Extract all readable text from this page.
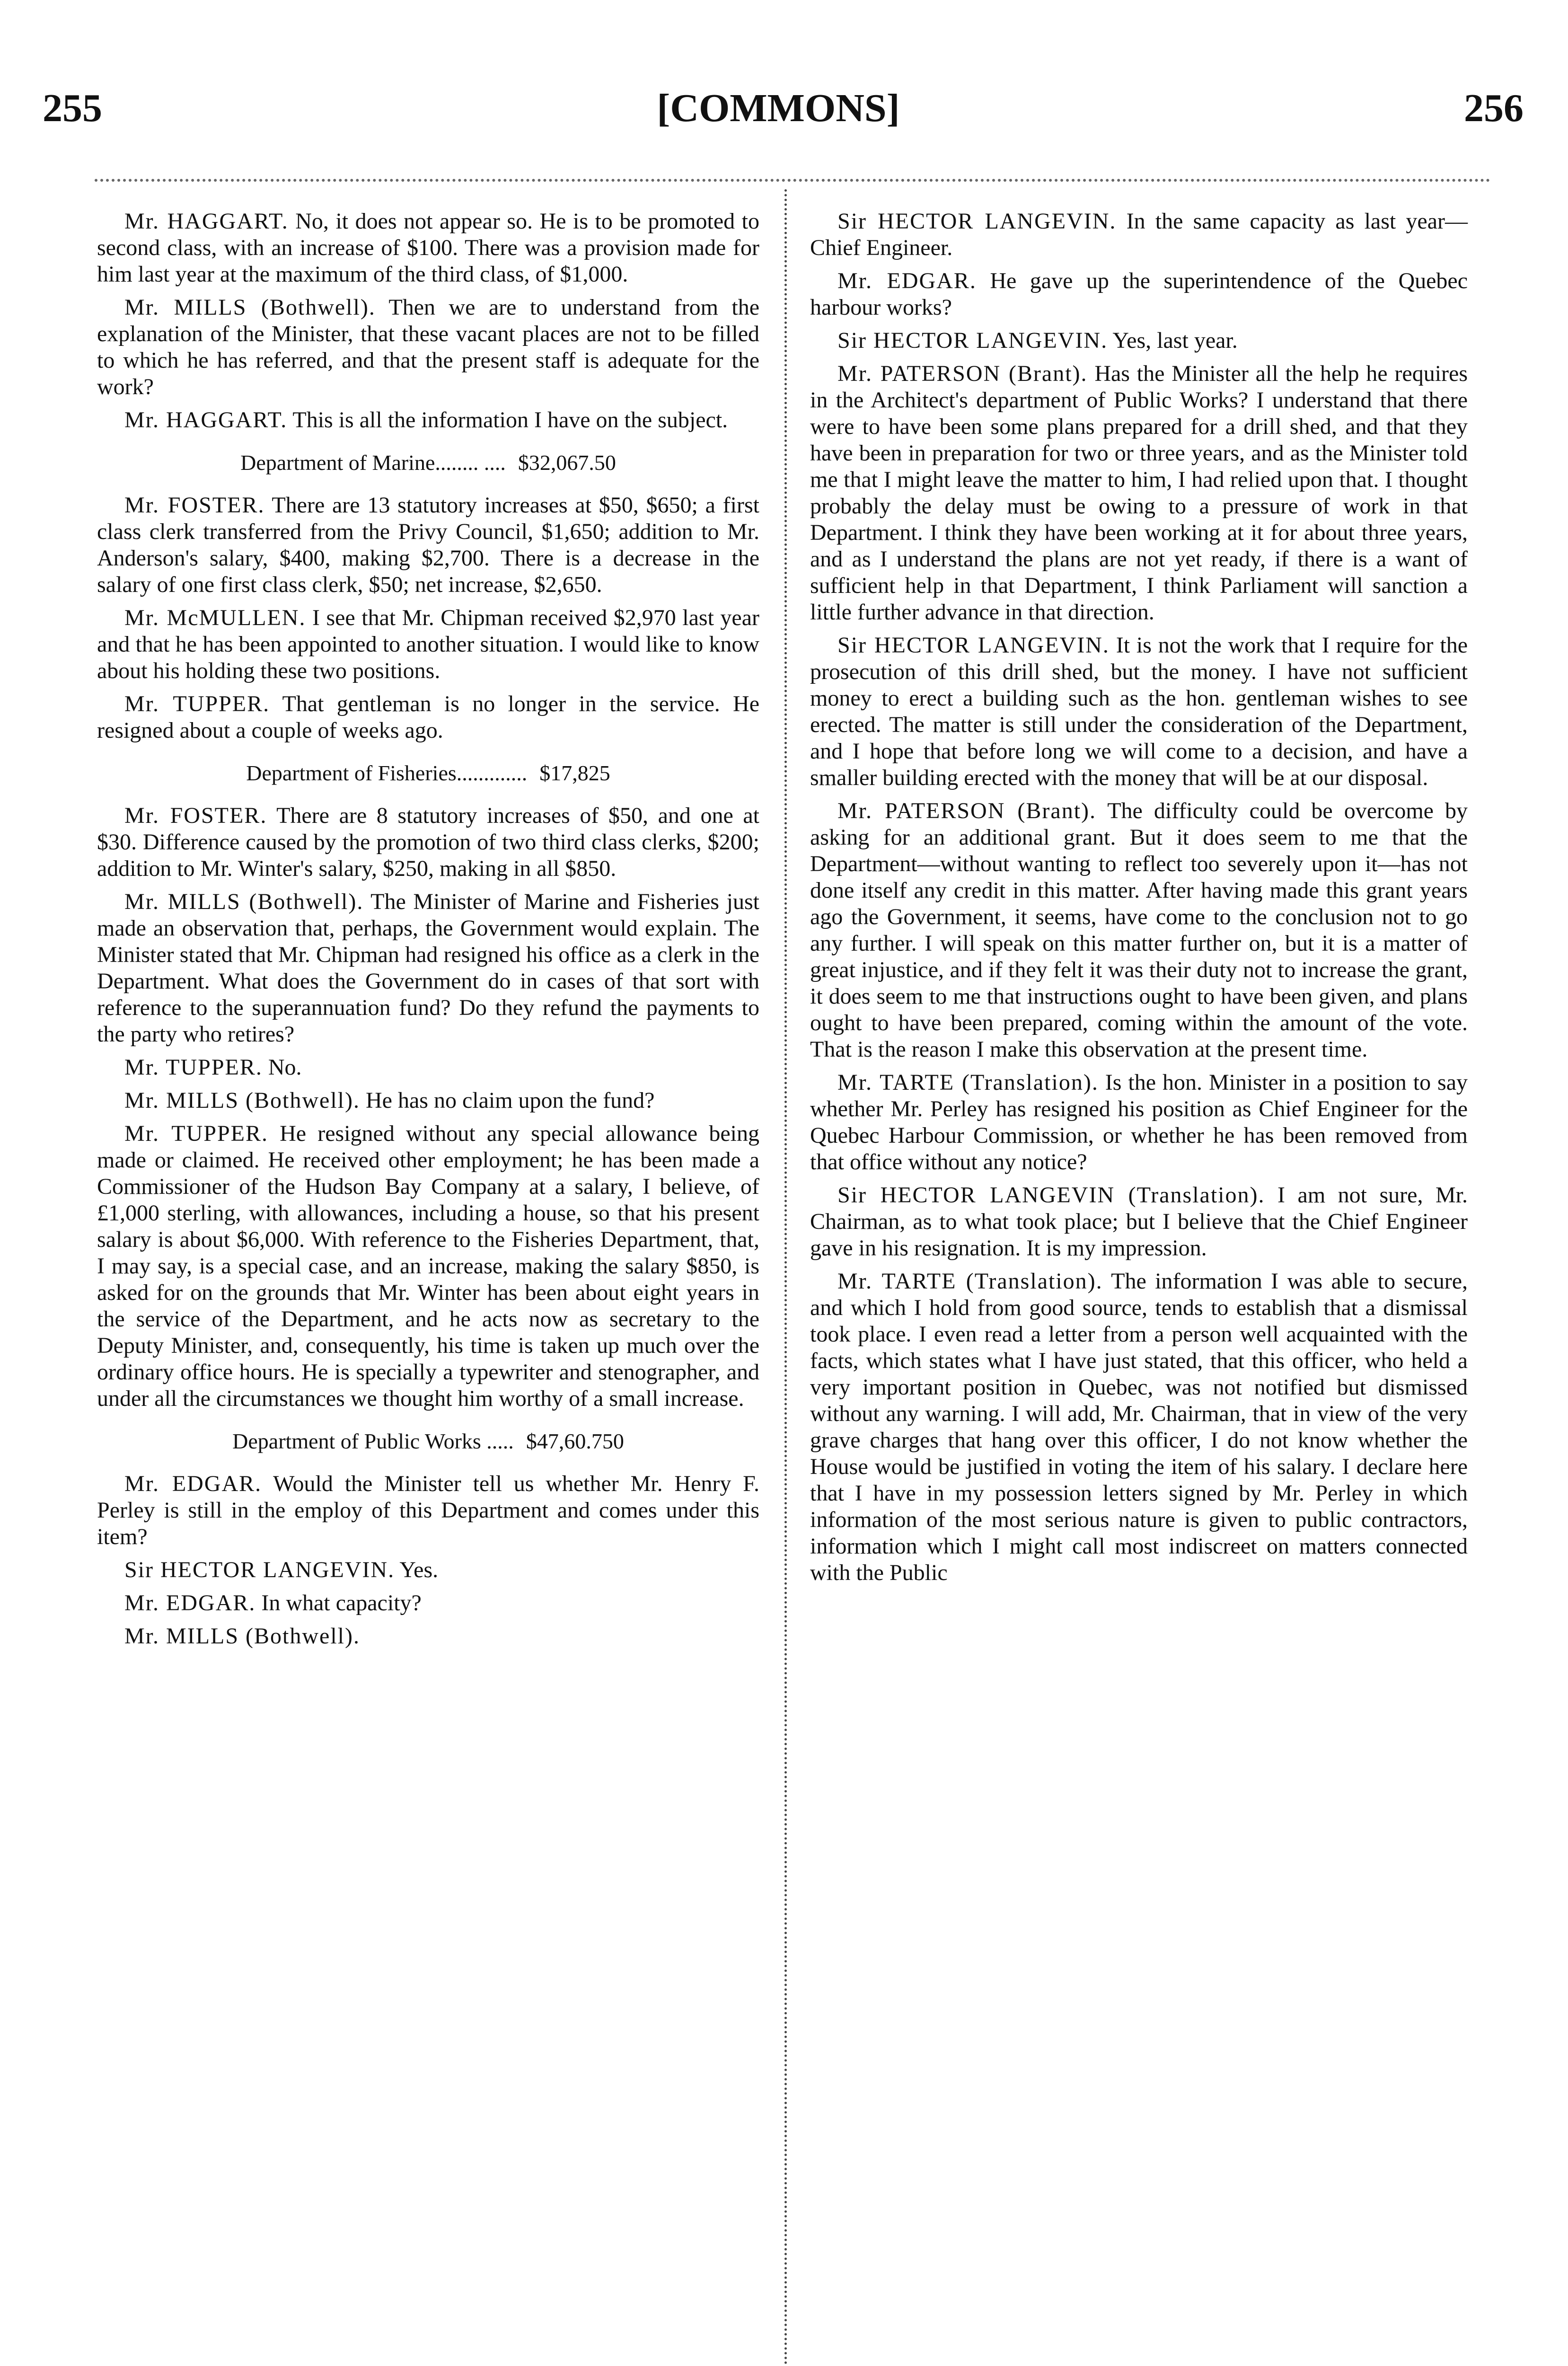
255	[COMMONS]	256

Mr. HAGGART. No, it does not appear so. He is to be promoted to second class, with an increase of $100. There was a provision made for him last year at the maximum of the third class, of $1,000.

Mr. MILLS (Bothwell). Then we are to understand from the explanation of the Minister, that these vacant places are not to be filled to which he has referred, and that the present staff is adequate for the work?

Mr. HAGGART. This is all the information I have on the subject.

Department of Marine........ .... $32,067.50

Mr. FOSTER. There are 13 statutory increases at $50, $650; a first class clerk transferred from the Privy Council, $1,650; addition to Mr. Anderson's salary, $400, making $2,700. There is a decrease in the salary of one first class clerk, $50; net increase, $2,650.

Mr. McMULLEN. I see that Mr. Chipman received $2,970 last year and that he has been appointed to another situation. I would like to know about his holding these two positions.

Mr. TUPPER. That gentleman is no longer in the service. He resigned about a couple of weeks ago.

Department of Fisheries............. $17,825

Mr. FOSTER. There are 8 statutory increases of $50, and one at $30. Difference caused by the promotion of two third class clerks, $200; addition to Mr. Winter's salary, $250, making in all $850.

Mr. MILLS (Bothwell). The Minister of Marine and Fisheries just made an observation that, perhaps, the Government would explain. The Minister stated that Mr. Chipman had resigned his office as a clerk in the Department. What does the Government do in cases of that sort with reference to the superannuation fund? Do they refund the payments to the party who retires?

Mr. TUPPER. No.

Mr. MILLS (Bothwell). He has no claim upon the fund?

Mr. TUPPER. He resigned without any special allowance being made or claimed. He received other employment; he has been made a Commissioner of the Hudson Bay Company at a salary, I believe, of £1,000 sterling, with allowances, including a house, so that his present salary is about $6,000. With reference to the Fisheries Department, that, I may say, is a special case, and an increase, making the salary $850, is asked for on the grounds that Mr. Winter has been about eight years in the service of the Department, and he acts now as secretary to the Deputy Minister, and, consequently, his time is taken up much over the ordinary office hours. He is specially a typewriter and stenographer, and under all the circumstances we thought him worthy of a small increase.

Department of Public Works ..... $47,60.750

Mr. EDGAR. Would the Minister tell us whether Mr. Henry F. Perley is still in the employ of this Department and comes under this item?

Sir HECTOR LANGEVIN. Yes.

Mr. EDGAR. In what capacity?

Mr. MILLS (Bothwell).

Sir HECTOR LANGEVIN. In the same capacity as last year—Chief Engineer.

Mr. EDGAR. He gave up the superintendence of the Quebec harbour works?

Sir HECTOR LANGEVIN. Yes, last year.

Mr. PATERSON (Brant). Has the Minister all the help he requires in the Architect's department of Public Works? I understand that there were to have been some plans prepared for a drill shed, and that they have been in preparation for two or three years, and as the Minister told me that I might leave the matter to him, I had relied upon that. I thought probably the delay must be owing to a pressure of work in that Department. I think they have been working at it for about three years, and as I understand the plans are not yet ready, if there is a want of sufficient help in that Department, I think Parliament will sanction a little further advance in that direction.

Sir HECTOR LANGEVIN. It is not the work that I require for the prosecution of this drill shed, but the money. I have not sufficient money to erect a building such as the hon. gentleman wishes to see erected. The matter is still under the consideration of the Department, and I hope that before long we will come to a decision, and have a smaller building erected with the money that will be at our disposal.

Mr. PATERSON (Brant). The difficulty could be overcome by asking for an additional grant. But it does seem to me that the Department—without wanting to reflect too severely upon it—has not done itself any credit in this matter. After having made this grant years ago the Government, it seems, have come to the conclusion not to go any further. I will speak on this matter further on, but it is a matter of great injustice, and if they felt it was their duty not to increase the grant, it does seem to me that instructions ought to have been given, and plans ought to have been prepared, coming within the amount of the vote. That is the reason I make this observation at the present time.

Mr. TARTE (Translation). Is the hon. Minister in a position to say whether Mr. Perley has resigned his position as Chief Engineer for the Quebec Harbour Commission, or whether he has been removed from that office without any notice?

Sir HECTOR LANGEVIN (Translation). I am not sure, Mr. Chairman, as to what took place; but I believe that the Chief Engineer gave in his resignation. It is my impression.

Mr. TARTE (Translation). The information I was able to secure, and which I hold from good source, tends to establish that a dismissal took place. I even read a letter from a person well acquainted with the facts, which states what I have just stated, that this officer, who held a very important position in Quebec, was not notified but dismissed without any warning. I will add, Mr. Chairman, that in view of the very grave charges that hang over this officer, I do not know whether the House would be justified in voting the item of his salary. I declare here that I have in my possession letters signed by Mr. Perley in which information of the most serious nature is given to public contractors, information which I might call most indiscreet on matters connected with the Public
